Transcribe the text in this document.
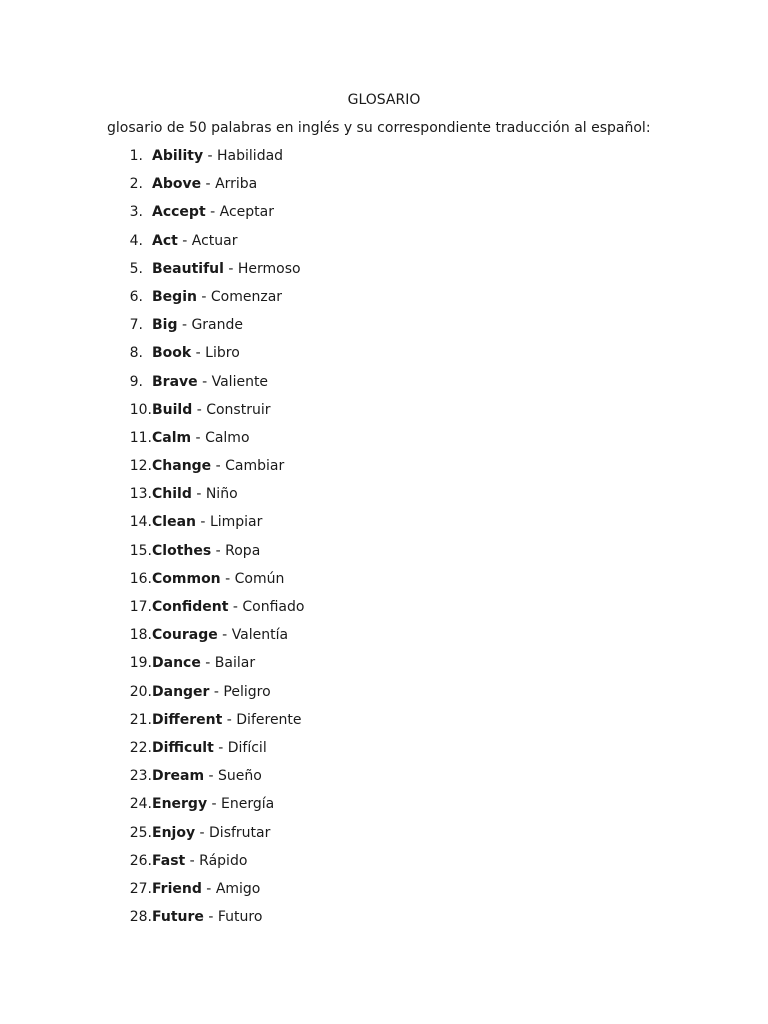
GLOSARIO
glosario de 50 palabras en inglés y su correspondiente traducción al español:
1. Ability - Habilidad
2. Above - Arriba
3. Accept - Aceptar
4. Act - Actuar
5. Beautiful - Hermoso
6. Begin - Comenzar
7. Big - Grande
8. Book - Libro
9. Brave - Valiente
10. Build - Construir
11. Calm - Calmo
12. Change - Cambiar
13. Child - Niño
14. Clean - Limpiar
15. Clothes - Ropa
16. Common - Común
17. Confident - Confiado
18. Courage - Valentía
19. Dance - Bailar
20. Danger - Peligro
21. Different - Diferente
22. Difficult - Difícil
23. Dream - Sueño
24. Energy - Energía
25. Enjoy - Disfrutar
26. Fast - Rápido
27. Friend - Amigo
28. Future - Futuro
